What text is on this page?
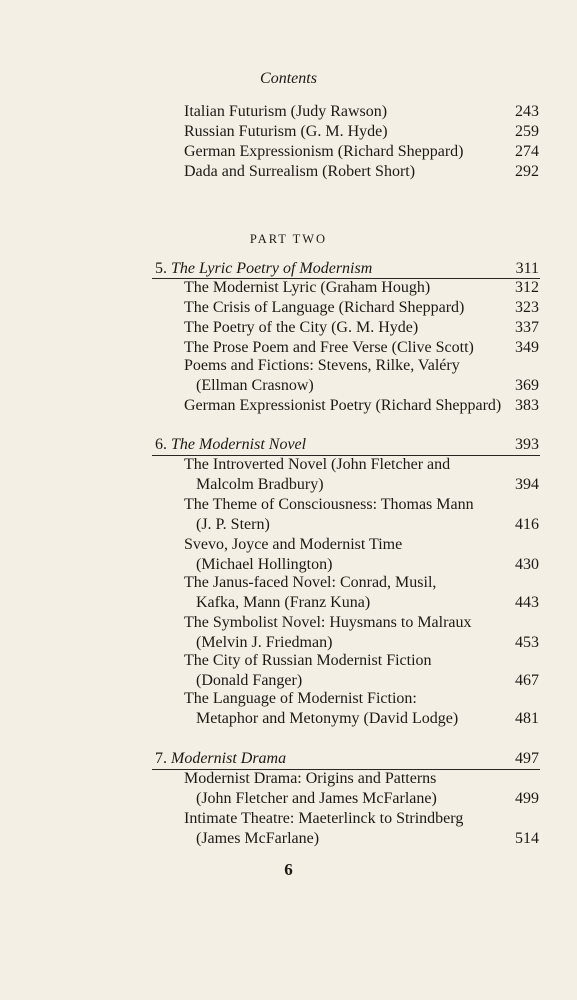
Contents
Italian Futurism (Judy Rawson)	243
Russian Futurism (G. M. Hyde)	259
German Expressionism (Richard Sheppard)	274
Dada and Surrealism (Robert Short)	292
PART TWO
5. The Lyric Poetry of Modernism	311
The Modernist Lyric (Graham Hough)	312
The Crisis of Language (Richard Sheppard)	323
The Poetry of the City (G. M. Hyde)	337
The Prose Poem and Free Verse (Clive Scott)	349
Poems and Fictions: Stevens, Rilke, Valéry
(Ellman Crasnow)	369
German Expressionist Poetry (Richard Sheppard) 383
6. The Modernist Novel	393
The Introverted Novel (John Fletcher and
Malcolm Bradbury)	394
The Theme of Consciousness: Thomas Mann
(J. P. Stern)	416
Svevo, Joyce and Modernist Time
(Michael Hollington)	430
The Janus-faced Novel: Conrad, Musil,
Kafka, Mann (Franz Kuna)	443
The Symbolist Novel: Huysmans to Malraux
(Melvin J. Friedman)	453
The City of Russian Modernist Fiction
(Donald Fanger)	467
The Language of Modernist Fiction:
Metaphor and Metonymy (David Lodge)	481
7. Modernist Drama	497
Modernist Drama: Origins and Patterns
(John Fletcher and James McFarlane)	499
Intimate Theatre: Maeterlinck to Strindberg
(James McFarlane)	514
6
